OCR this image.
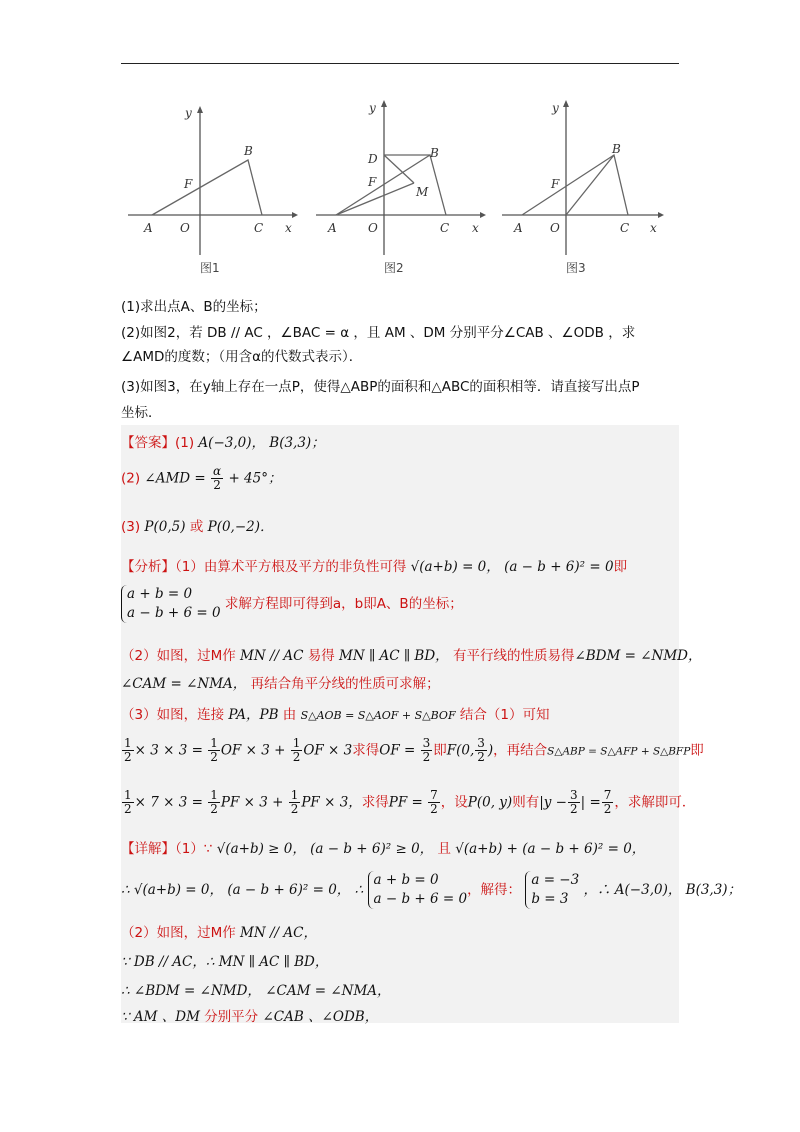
y
x
A O	C
F
B
图1
y
x
A	O	C
F
D	B
M
图2
y
x
A O	C
F
B
图3
(1)求出点A、B的坐标；
(2)如图2，若 DB // AC ，∠BAC = α ，且 AM 、DM 分别平分∠CAB 、∠ODB ，求
∠AMD的度数；（用含α的代数式表示）．
(3)如图3，在y轴上存在一点P，使得△ABP的面积和△ABC的面积相等．请直接写出点P
坐标．
【答案】(1) A(−3,0)， B(3,3)；
(2) ∠AMD = $\frac{\alpha}{2} + 45^\circ$；
(3) P(0,5) 或 P(0,−2)．
【分析】（1）由算术平方根及平方的非负性可得 √(a+b) = 0， (a − b + 6)² = 0即
a + b = 0
a − b + 6 = 0
求解方程即可得到a，b即A、B的坐标；
（2）如图，过M作 MN // AC 易得 MN ∥ AC ∥ BD， 有平行线的性质易得∠BDM = ∠NMD，
∠CAM = ∠NMA， 再结合角平分线的性质可求解；
（3）如图，连接 PA，PB 由 S△AOB = S△AOF + S△BOF 结合（1）可知
$\frac{1}{2} \times 3 \times 3 = \frac{1}{2}$ OF × $3 + \frac{1}{2}$ OF × 3求得OF = $\frac{3}{2}$ 即F(0, $\frac{3}{2}$ )，再结合S△ABP = S△AFP + S△BFP即
$\frac{1}{2} \times 7 \times 3 = \frac{1}{2}$ PF × $3 + \frac{1}{2}$ PF × 3，求得PF = $\frac{7}{2}$ ，设P(0, y)则有$|y - \frac{3}{2}$ | = $\frac{7}{2}$ ，求解即可．
【详解】（1）∵ √(a+b) ≥ 0， (a − b + 6)² ≥ 0， 且 √(a+b) + (a − b + 6)² = 0，
∴ √(a+b) = 0， (a − b + 6)² = 0， ∴
a + b = 0
a − b + 6 = 0
，解得：
a = −3
b = 3
，∴ A(−3,0)， B(3,3)；
（2）如图，过M作 MN // AC，
∵ DB // AC，∴ MN ∥ AC ∥ BD，
∴ ∠BDM = ∠NMD， ∠CAM = ∠NMA，
∵ AM 、DM 分别平分 ∠CAB 、∠ODB，
